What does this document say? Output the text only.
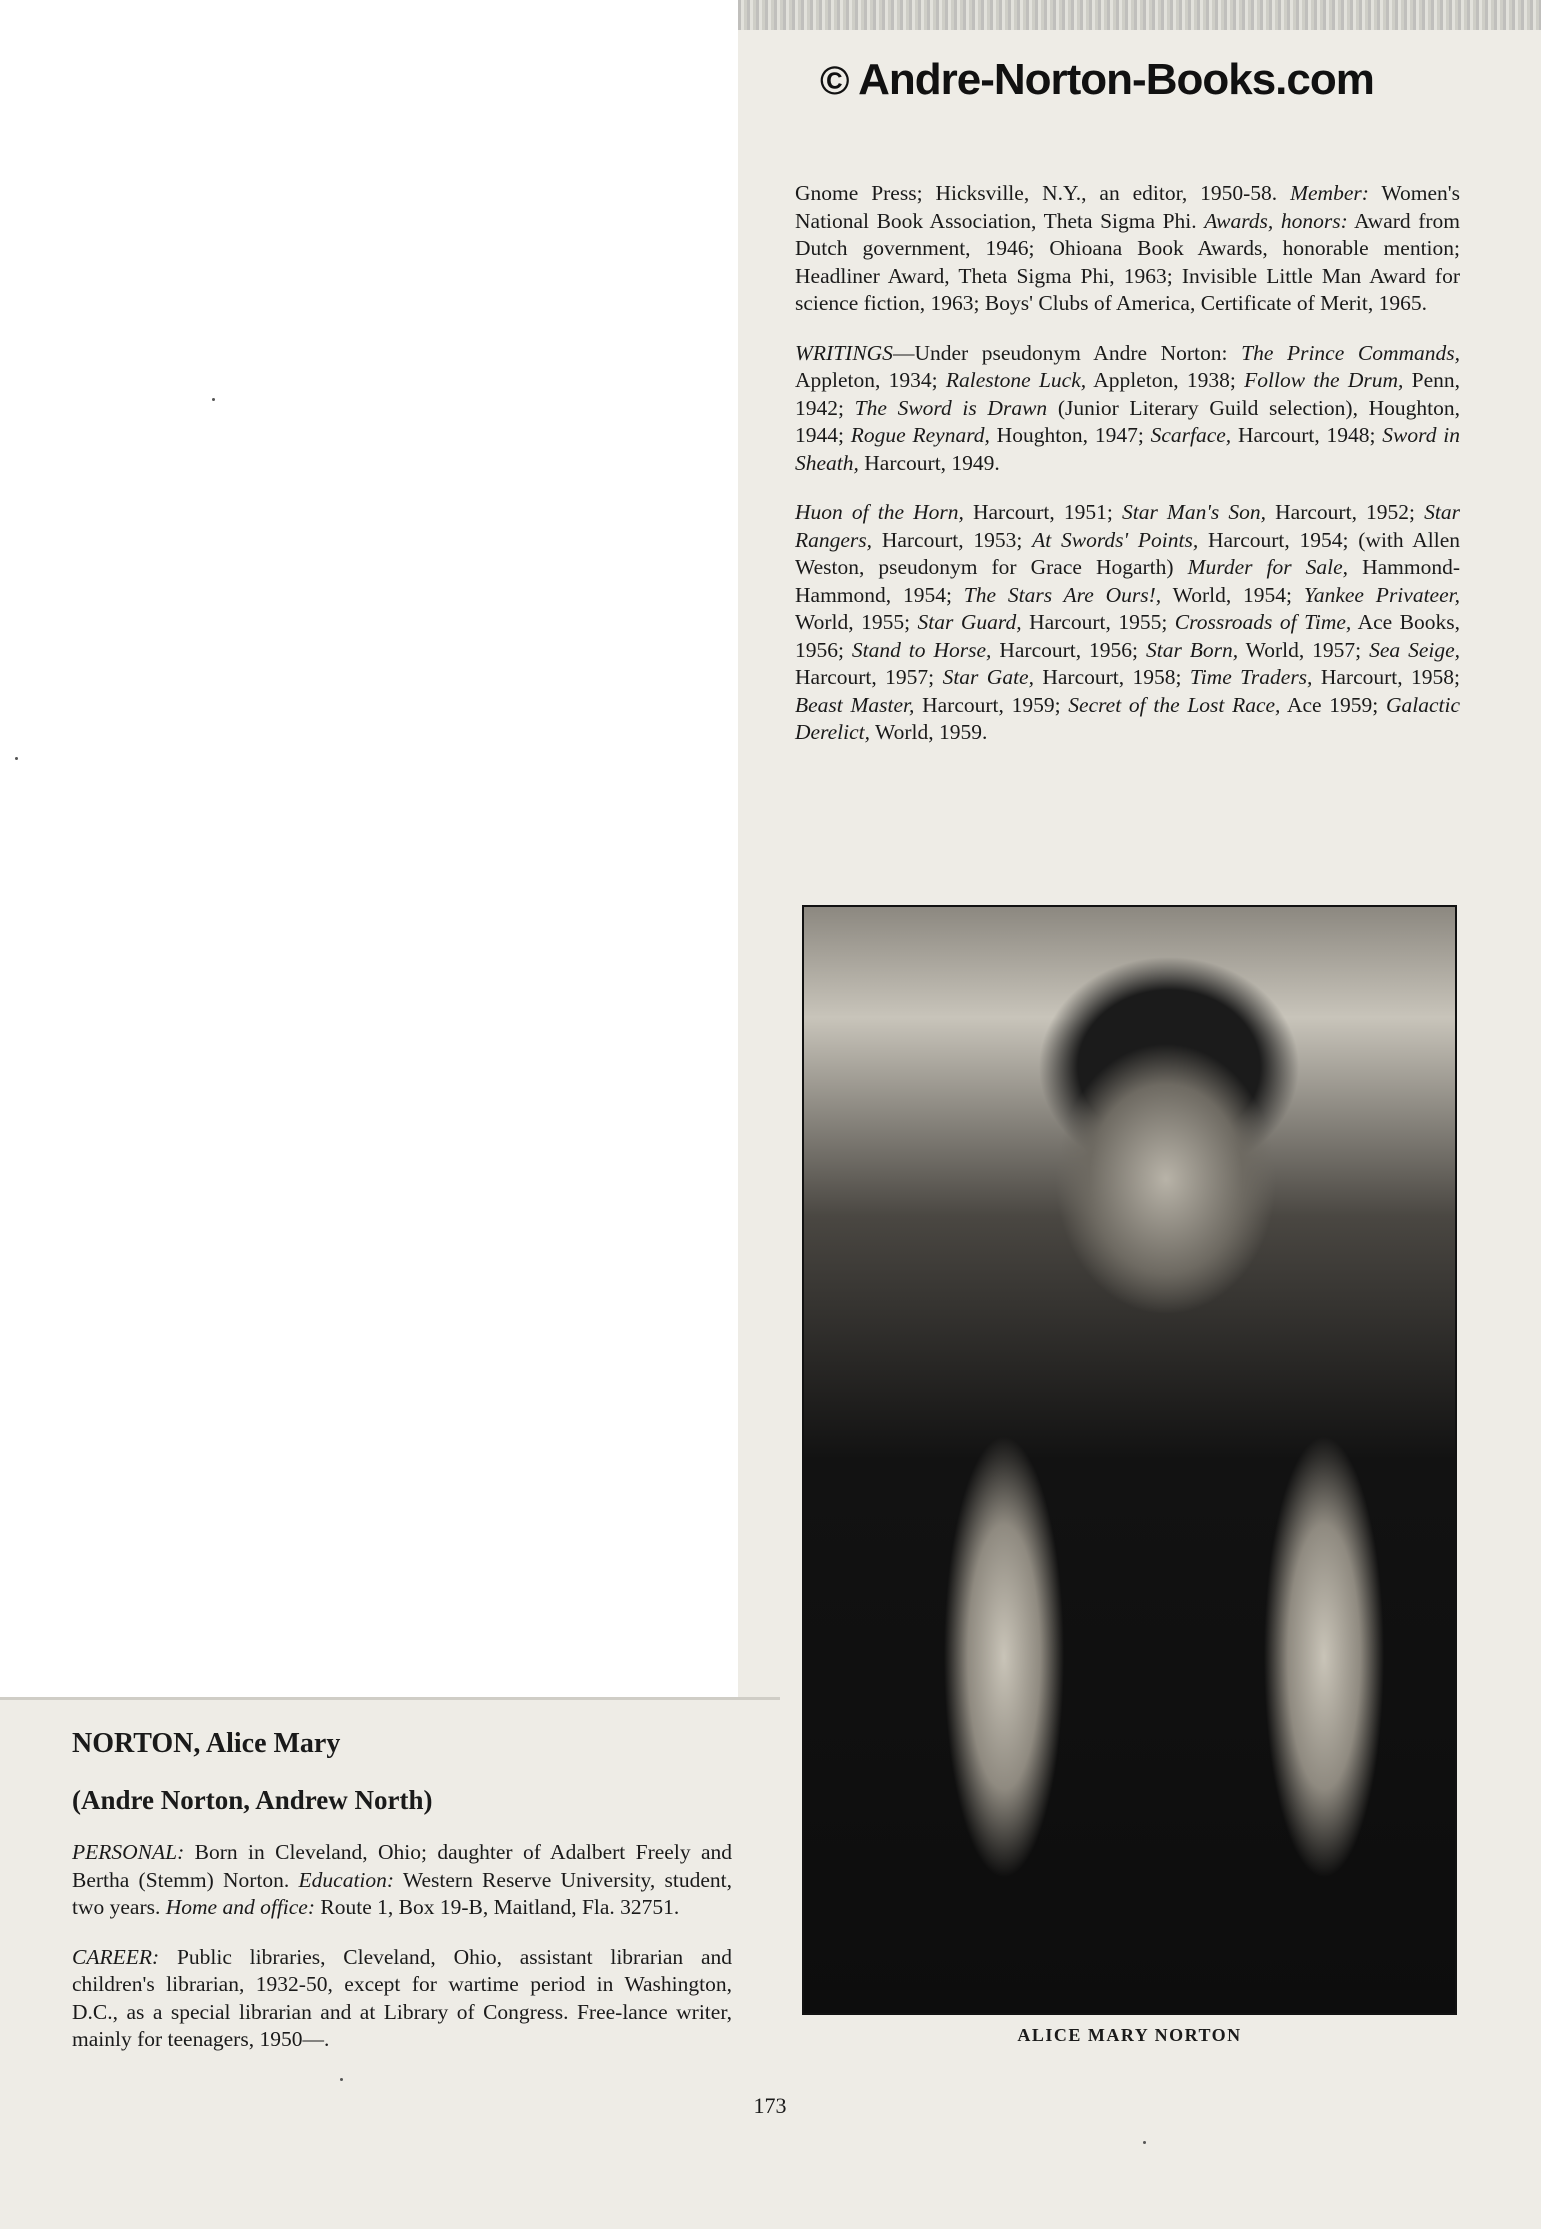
© Andre-Norton-Books.com

Gnome Press; Hicksville, N.Y., an editor, 1950-58. Member: Women's National Book Association, Theta Sigma Phi. Awards, honors: Award from Dutch government, 1946; Ohioana Book Awards, honorable mention; Headliner Award, Theta Sigma Phi, 1963; Invisible Little Man Award for science fiction, 1963; Boys' Clubs of America, Certificate of Merit, 1965.

WRITINGS—Under pseudonym Andre Norton: The Prince Commands, Appleton, 1934; Ralestone Luck, Appleton, 1938; Follow the Drum, Penn, 1942; The Sword is Drawn (Junior Literary Guild selection), Houghton, 1944; Rogue Reynard, Houghton, 1947; Scarface, Harcourt, 1948; Sword in Sheath, Harcourt, 1949.

Huon of the Horn, Harcourt, 1951; Star Man's Son, Harcourt, 1952; Star Rangers, Harcourt, 1953; At Swords' Points, Harcourt, 1954; (with Allen Weston, pseudonym for Grace Hogarth) Murder for Sale, Hammond-Hammond, 1954; The Stars Are Ours!, World, 1954; Yankee Privateer, World, 1955; Star Guard, Harcourt, 1955; Crossroads of Time, Ace Books, 1956; Stand to Horse, Harcourt, 1956; Star Born, World, 1957; Sea Seige, Harcourt, 1957; Star Gate, Harcourt, 1958; Time Traders, Harcourt, 1958; Beast Master, Harcourt, 1959; Secret of the Lost Race, Ace 1959; Galactic Derelict, World, 1959.

ALICE MARY NORTON

NORTON, Alice Mary

(Andre Norton, Andrew North)

PERSONAL: Born in Cleveland, Ohio; daughter of Adalbert Freely and Bertha (Stemm) Norton. Education: Western Reserve University, student, two years. Home and office: Route 1, Box 19-B, Maitland, Fla. 32751.

CAREER: Public libraries, Cleveland, Ohio, assistant librarian and children's librarian, 1932-50, except for wartime period in Washington, D.C., as a special librarian and at Library of Congress. Free-lance writer, mainly for teenagers, 1950—.

173
